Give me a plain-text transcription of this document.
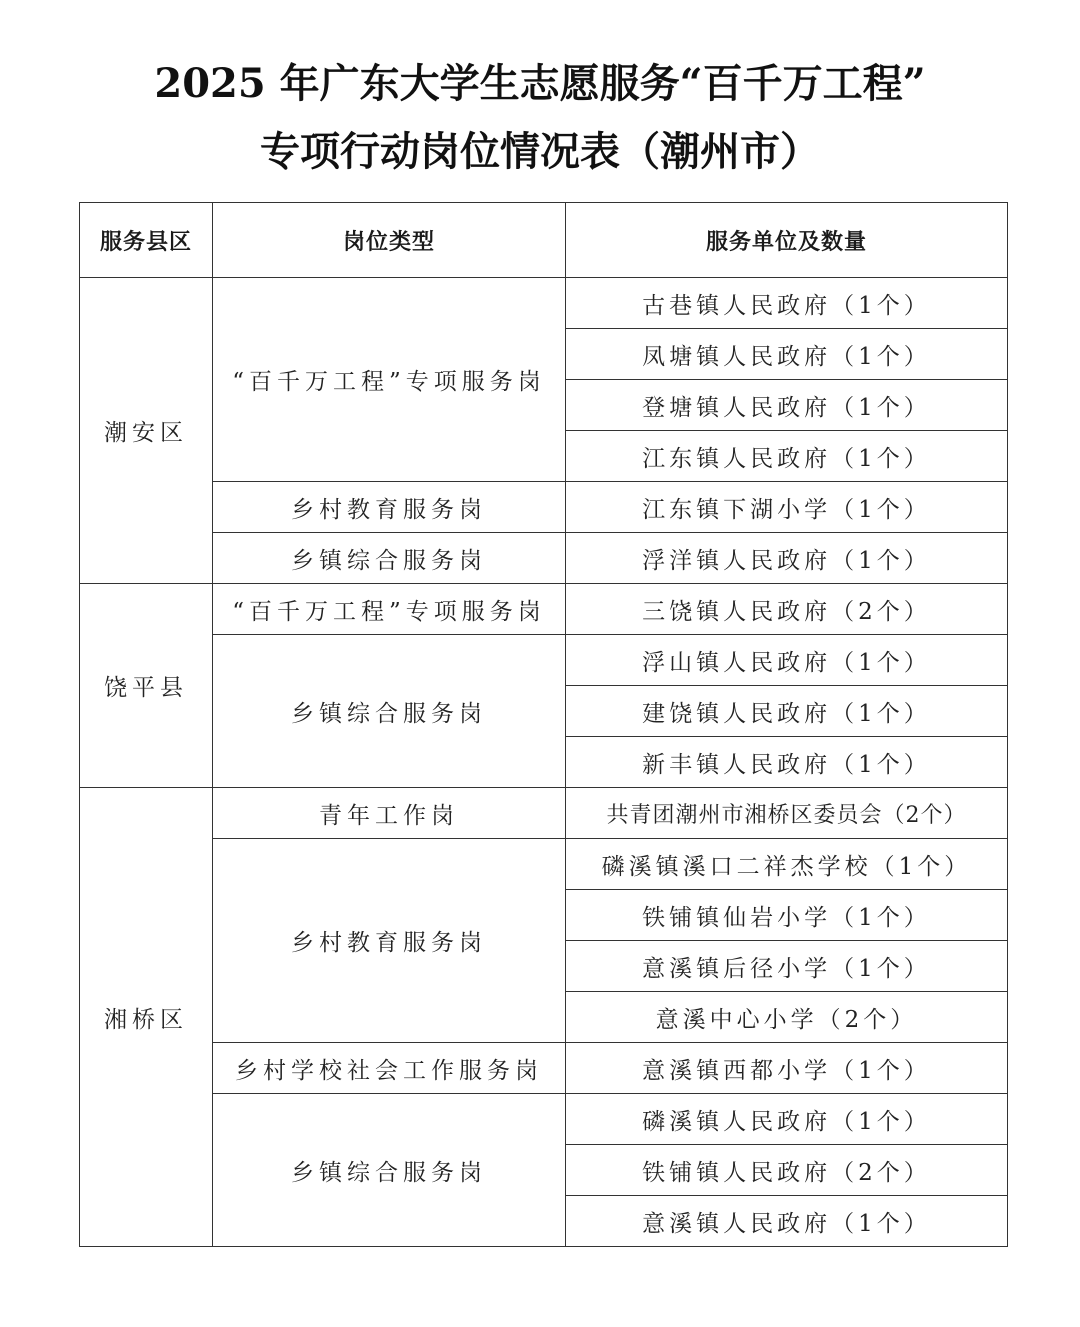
2025 年广东大学生志愿服务“百千万工程”
专项行动岗位情况表（潮州市）
服务县区	岗位类型	服务单位及数量
潮安区	“百千万工程”专项服务岗	古巷镇人民政府（1个）
		凤塘镇人民政府（1个）
		登塘镇人民政府（1个）
		江东镇人民政府（1个）
	乡村教育服务岗	江东镇下湖小学（1个）
	乡镇综合服务岗	浮洋镇人民政府（1个）
饶平县	“百千万工程”专项服务岗	三饶镇人民政府（2个）
	乡镇综合服务岗	浮山镇人民政府（1个）
		建饶镇人民政府（1个）
		新丰镇人民政府（1个）
湘桥区	青年工作岗	共青团潮州市湘桥区委员会（2个）
	乡村教育服务岗	磷溪镇溪口二祥杰学校（1个）
		铁铺镇仙岩小学（1个）
		意溪镇后径小学（1个）
		意溪中心小学（2个）
	乡村学校社会工作服务岗	意溪镇西都小学（1个）
	乡镇综合服务岗	磷溪镇人民政府（1个）
		铁铺镇人民政府（2个）
		意溪镇人民政府（1个）
